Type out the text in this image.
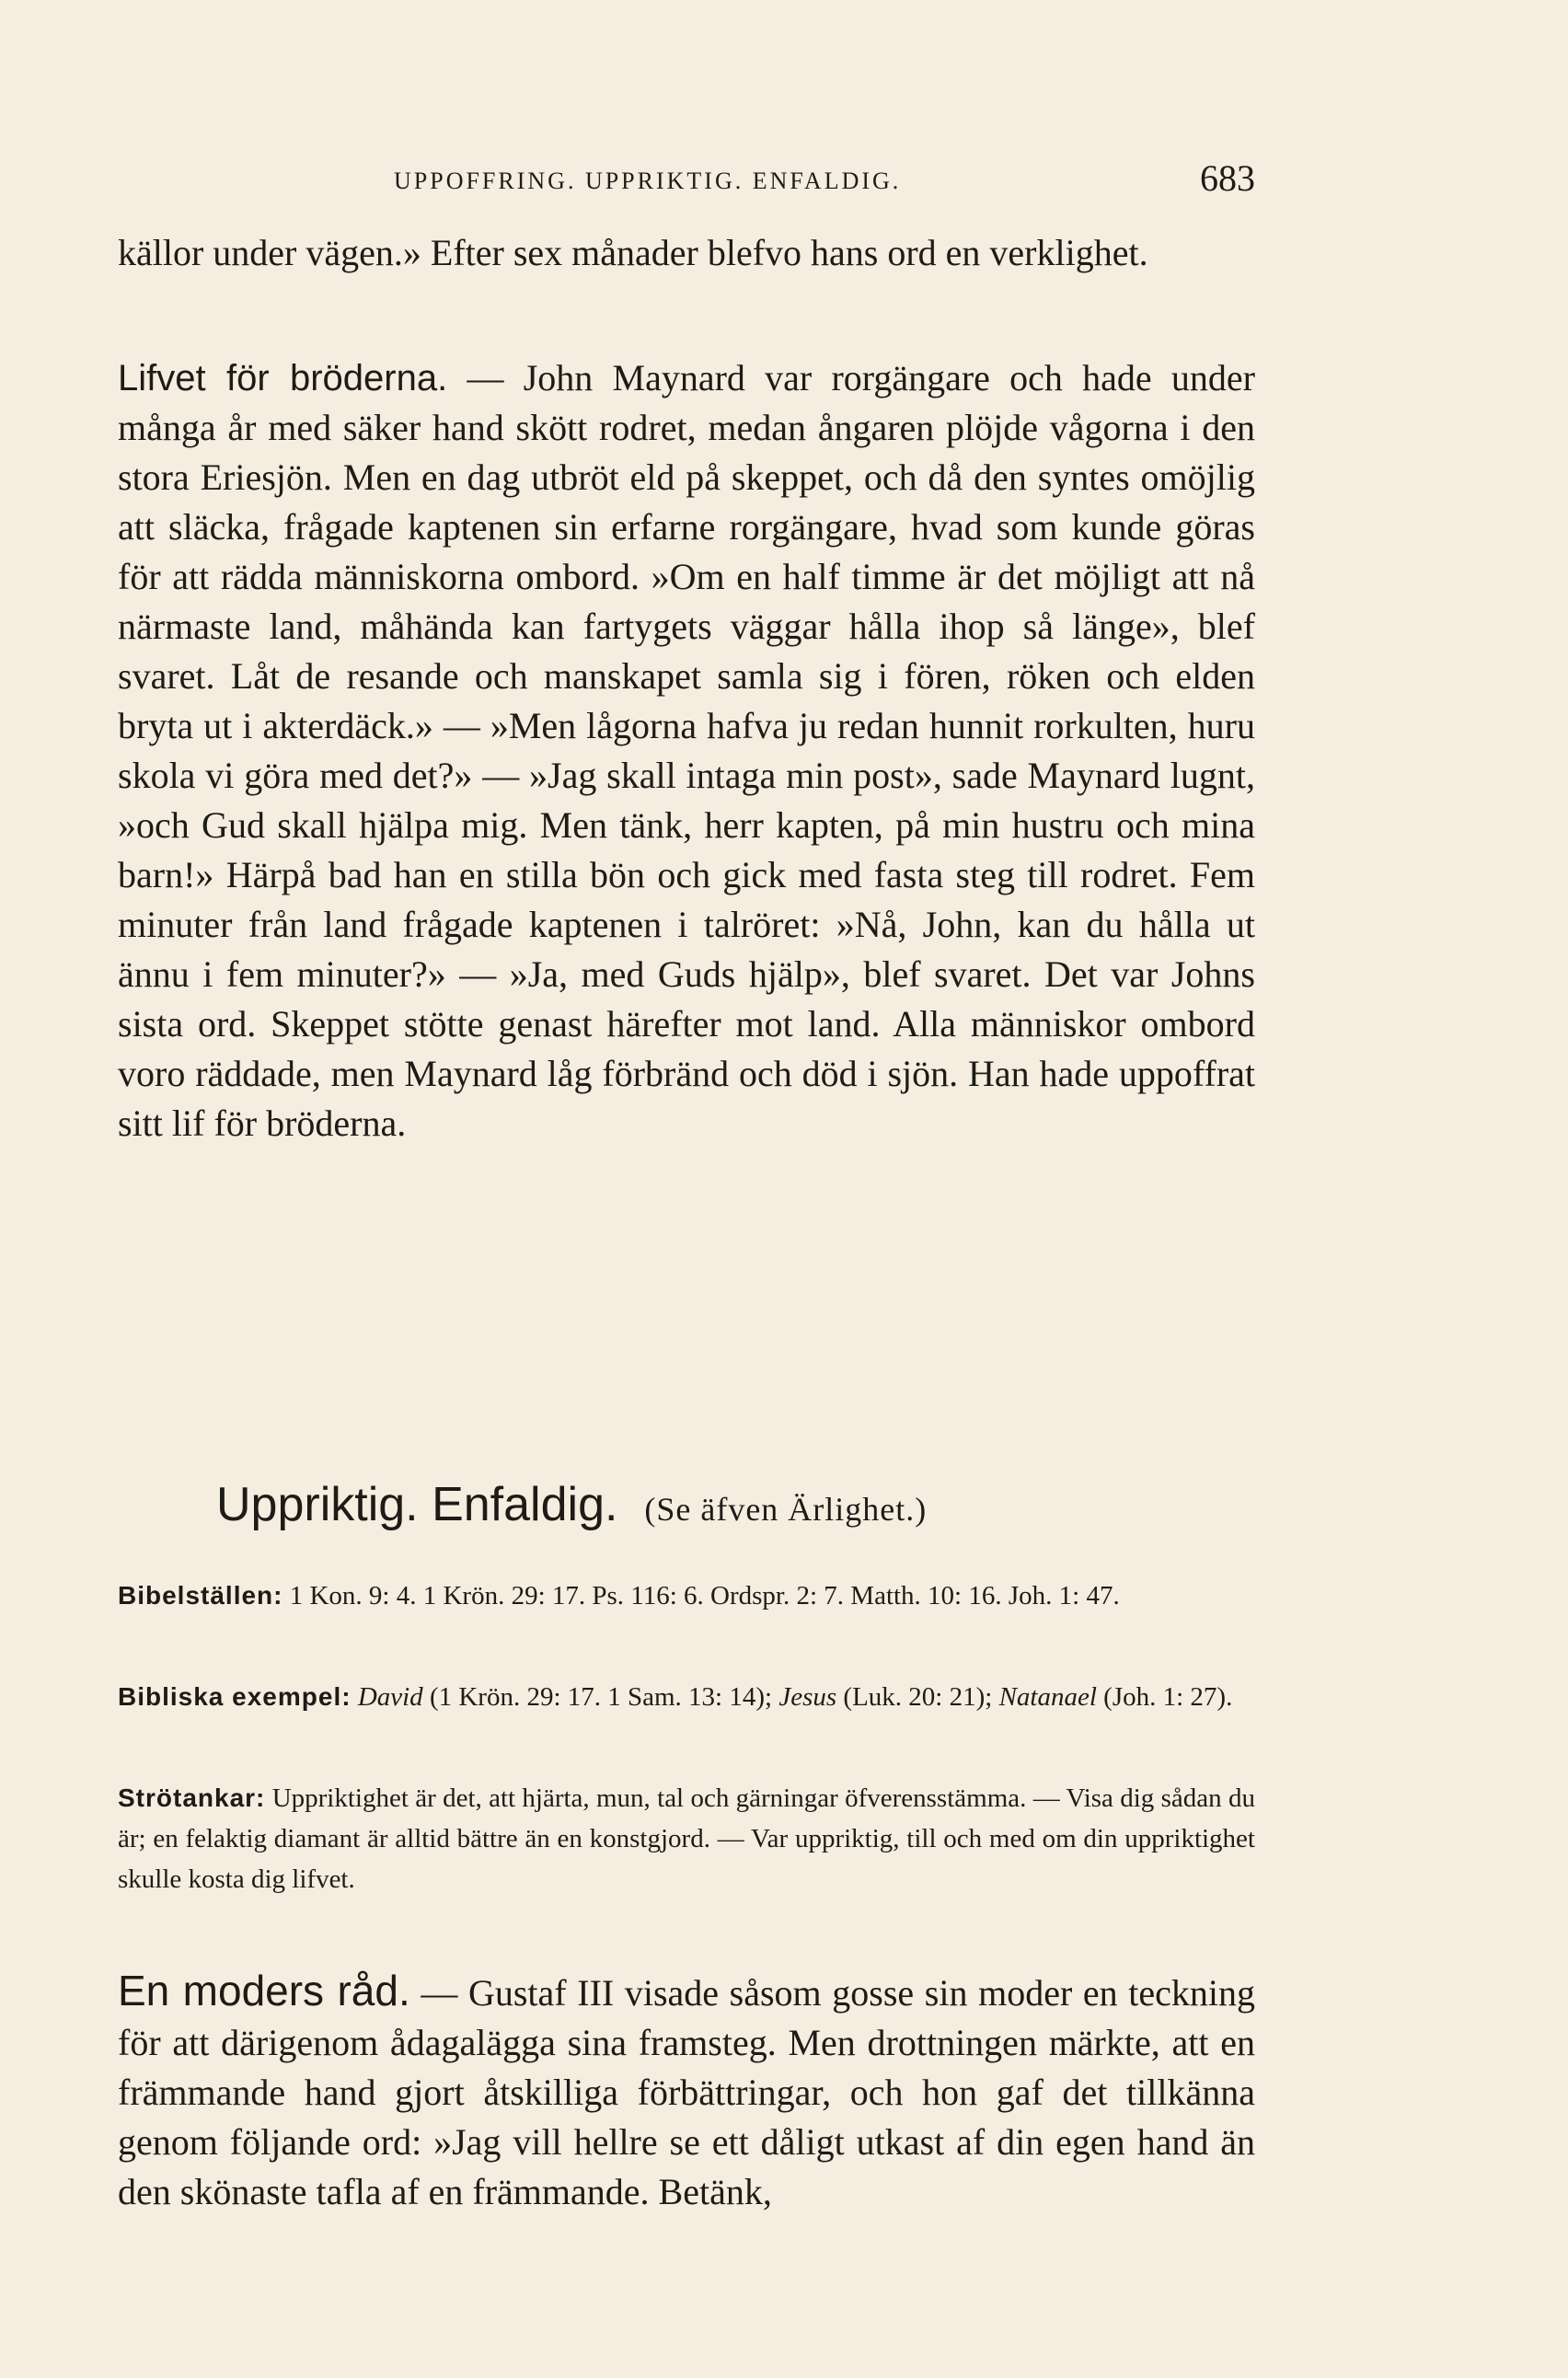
UPPOFFRING. UPPRIKTIG. ENFALDIG.	683

källor under vägen.» Efter sex månader blefvo hans ord en verklighet.

Lifvet för bröderna. — John Maynard var rorgängare och hade under många år med säker hand skött rodret, medan ångaren plöjde vågorna i den stora Eriesjön. Men en dag utbröt eld på skeppet, och då den syntes omöjlig att släcka, frågade kaptenen sin erfarne rorgängare, hvad som kunde göras för att rädda människorna ombord. »Om en half timme är det möjligt att nå närmaste land, måhända kan fartygets väggar hålla ihop så länge», blef svaret. Låt de resande och manskapet samla sig i fören, röken och elden bryta ut i akterdäck.» — »Men lågorna hafva ju redan hunnit rorkulten, huru skola vi göra med det?» — »Jag skall intaga min post», sade Maynard lugnt, »och Gud skall hjälpa mig. Men tänk, herr kapten, på min hustru och mina barn!» Härpå bad han en stilla bön och gick med fasta steg till rodret. Fem minuter från land frågade kaptenen i talröret: »Nå, John, kan du hålla ut ännu i fem minuter?» — »Ja, med Guds hjälp», blef svaret. Det var Johns sista ord. Skeppet stötte genast härefter mot land. Alla människor ombord voro räddade, men Maynard låg förbränd och död i sjön. Han hade uppoffrat sitt lif för bröderna.

Uppriktig. Enfaldig. (Se äfven Ärlighet.)
Bibelställen: 1 Kon. 9: 4. 1 Krön. 29: 17. Ps. 116: 6. Ordspr. 2: 7. Matth. 10: 16. Joh. 1: 47.
Bibliska exempel: David (1 Krön. 29: 17. 1 Sam. 13: 14); Jesus (Luk. 20: 21); Natanael (Joh. 1: 27).
Strötankar: Uppriktighet är det, att hjärta, mun, tal och gärningar öfverensstämma. — Visa dig sådan du är; en felaktig diamant är alltid bättre än en konstgjord. — Var uppriktig, till och med om din uppriktighet skulle kosta dig lifvet.

En moders råd. — Gustaf III visade såsom gosse sin moder en teckning för att därigenom ådagalägga sina framsteg. Men drottningen märkte, att en främmande hand gjort åtskilliga förbättringar, och hon gaf det tillkänna genom följande ord: »Jag vill hellre se ett dåligt utkast af din egen hand än den skönaste tafla af en främmande. Betänk,
